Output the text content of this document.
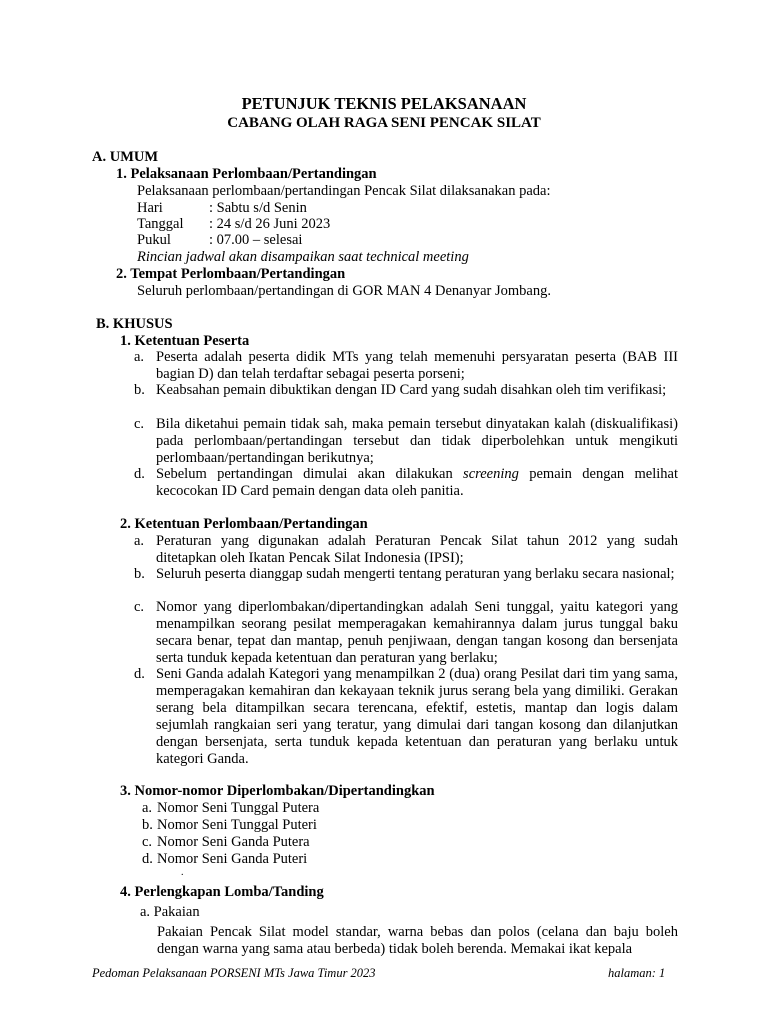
PETUNJUK TEKNIS PELAKSANAAN
CABANG OLAH RAGA SENI PENCAK SILAT
A. UMUM
1. Pelaksanaan Perlombaan/Pertandingan
Pelaksanaan perlombaan/pertandingan Pencak Silat dilaksanakan pada:
Hari	: Sabtu s/d Senin
Tanggal	: 24 s/d 26 Juni 2023
Pukul	: 07.00 – selesai
Rincian jadwal akan disampaikan saat technical meeting
2. Tempat Perlombaan/Pertandingan
Seluruh perlombaan/pertandingan di GOR MAN 4 Denanyar Jombang.
B. KHUSUS
1. Ketentuan Peserta
a. Peserta adalah peserta didik MTs yang telah memenuhi persyaratan peserta (BAB III bagian D) dan telah terdaftar sebagai peserta porseni;
b. Keabsahan pemain dibuktikan dengan ID Card yang sudah disahkan oleh tim verifikasi;
c. Bila diketahui pemain tidak sah, maka pemain tersebut dinyatakan kalah (diskualifikasi) pada perlombaan/pertandingan tersebut dan tidak diperbolehkan untuk mengikuti perlombaan/pertandingan berikutnya;
d. Sebelum pertandingan dimulai akan dilakukan screening pemain dengan melihat kecocokan ID Card pemain dengan data oleh panitia.
2. Ketentuan Perlombaan/Pertandingan
a. Peraturan yang digunakan adalah Peraturan Pencak Silat tahun 2012 yang sudah ditetapkan oleh Ikatan Pencak Silat Indonesia (IPSI);
b. Seluruh peserta dianggap sudah mengerti tentang peraturan yang berlaku secara nasional;
c. Nomor yang diperlombakan/dipertandingkan adalah Seni tunggal, yaitu kategori yang menampilkan seorang pesilat memperagakan kemahirannya dalam jurus tunggal baku secara benar, tepat dan mantap, penuh penjiwaan, dengan tangan kosong dan bersenjata serta tunduk kepada ketentuan dan peraturan yang berlaku;
d. Seni Ganda adalah Kategori yang menampilkan 2 (dua) orang Pesilat dari tim yang sama, memperagakan kemahiran dan kekayaan teknik jurus serang bela yang dimiliki. Gerakan serang bela ditampilkan secara terencana, efektif, estetis, mantap dan logis dalam sejumlah rangkaian seri yang teratur, yang dimulai dari tangan kosong dan dilanjutkan dengan bersenjata, serta tunduk kepada ketentuan dan peraturan yang berlaku untuk kategori Ganda.
3. Nomor-nomor Diperlombakan/Dipertandingkan
a. Nomor Seni Tunggal Putera
b. Nomor Seni Tunggal Puteri
c. Nomor Seni Ganda Putera
d. Nomor Seni Ganda Puteri
.
4. Perlengkapan Lomba/Tanding
a. Pakaian
Pakaian Pencak Silat model standar, warna bebas dan polos (celana dan baju boleh dengan warna yang sama atau berbeda) tidak boleh berenda. Memakai ikat kepala
Pedoman Pelaksanaan PORSENI MTs Jawa Timur 2023	halaman: 1
